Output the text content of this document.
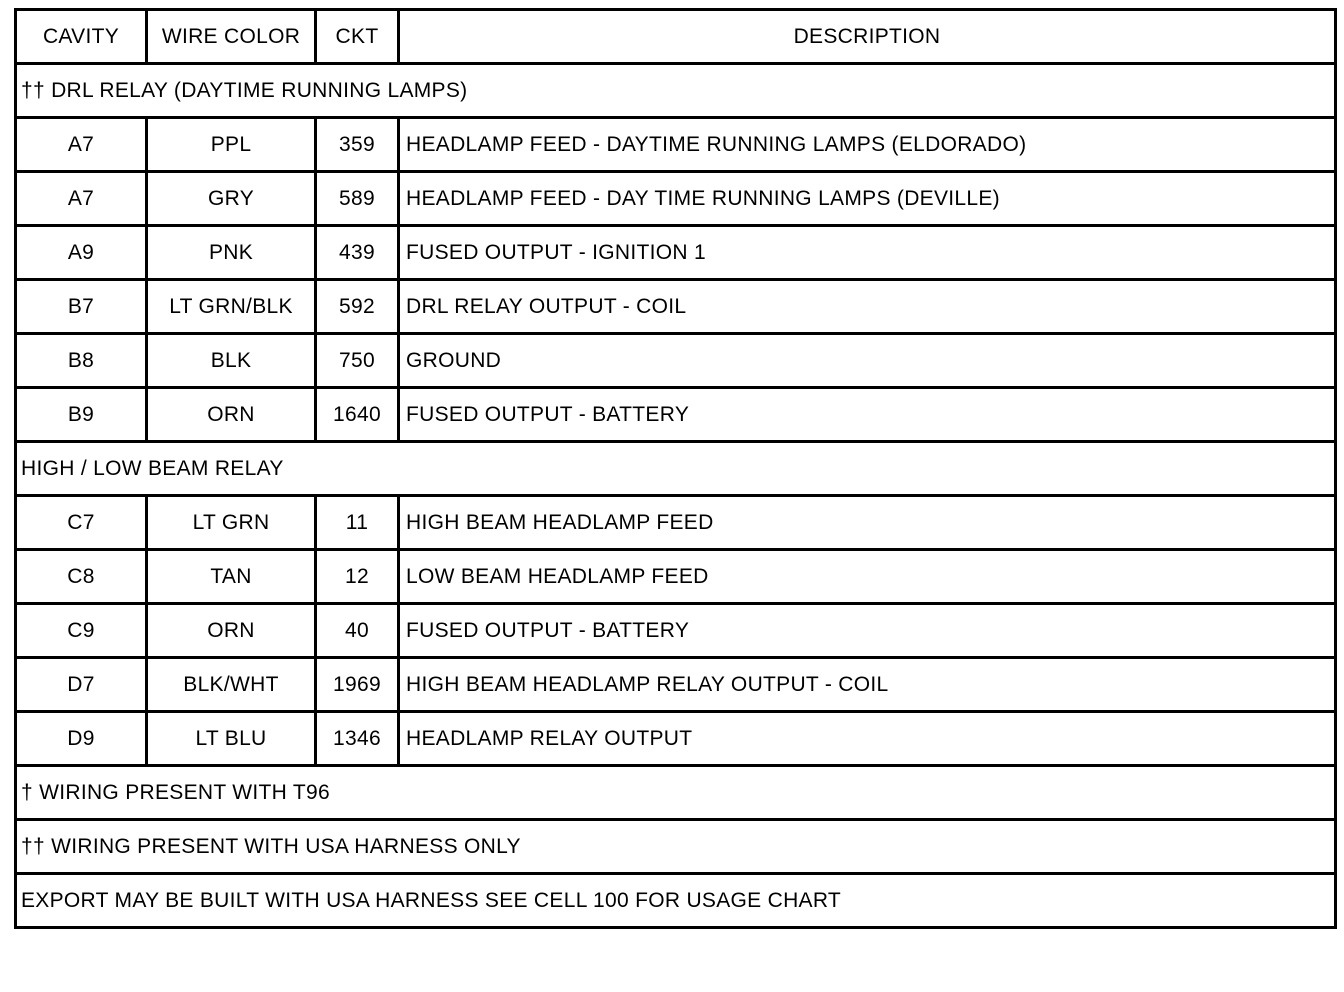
CAVITY	WIRE COLOR	CKT	DESCRIPTION
†† DRL RELAY (DAYTIME RUNNING LAMPS)			
A7	PPL	359	HEADLAMP FEED - DAYTIME RUNNING LAMPS (ELDORADO)
A7	GRY	589	HEADLAMP FEED - DAY TIME RUNNING LAMPS (DEVILLE)
A9	PNK	439	FUSED OUTPUT - IGNITION 1
B7	LT GRN/BLK	592	DRL RELAY OUTPUT - COIL
B8	BLK	750	GROUND
B9	ORN	1640	FUSED OUTPUT - BATTERY
HIGH / LOW BEAM RELAY			
C7	LT GRN	11	HIGH BEAM HEADLAMP FEED
C8	TAN	12	LOW BEAM HEADLAMP FEED
C9	ORN	40	FUSED OUTPUT - BATTERY
D7	BLK/WHT	1969	HIGH BEAM HEADLAMP RELAY OUTPUT - COIL
D9	LT BLU	1346	HEADLAMP RELAY OUTPUT
† WIRING PRESENT WITH T96			
†† WIRING PRESENT WITH USA HARNESS ONLY			
EXPORT MAY BE BUILT WITH USA HARNESS SEE CELL 100 FOR USAGE CHART			
